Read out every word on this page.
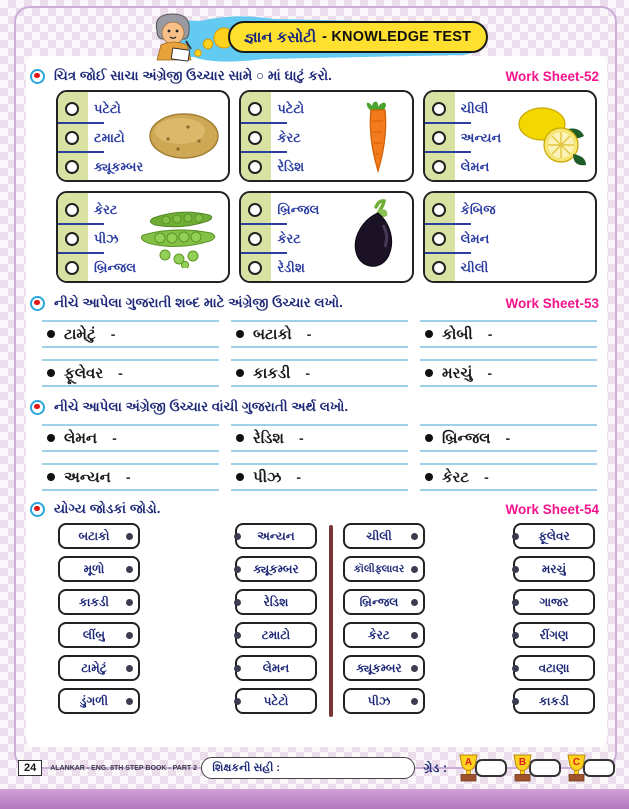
જ્ઞાન કસોટી - KNOWLEDGE TEST
ચિત્ર જોઈ સાચા અંગ્રેજી ઉચ્ચાર સામે ○ માં ઘાટું કરો.	Work Sheet-52
પટેટો
ટમાટો
ક્યૂકમ્બર
પટેટો
કેરટ
રેડિશ
ચીલી
અન્યન
લેમન
કેરટ
પીઝ
બ્રિન્જલ
બ્રિન્જલ
કેરટ
રેડીશ
કેબિજ
લેમન
ચીલી
નીચે આપેલા ગુજરાતી શબ્દ માટે અંગ્રેજી ઉચ્ચાર લખો.	Work Sheet-53
ટામેટું -	બટાકો -	કોબી -
ફૂલેવર -	કાકડી -	મરચું -
નીચે આપેલા અંગ્રેજી ઉચ્ચાર વાંચી ગુજરાતી અર્થ લખો.
લેમન -	રેડિશ -	બ્રિન્જલ -
અન્યન -	પીઝ -	કેરટ -
યોગ્ય જોડકાં જોડો.	Work Sheet-54
બટાકો
મૂળો
કાકડી
લીંબુ
ટામેટું
ડુંગળી
અન્યન
ક્યૂકમ્બર
રેડિશ
ટમાટો
લેમન
પટેટો
ચીલી
કૉલીફ્લાવર
બ્રિન્જલ
કેરટ
ક્યૂકમ્બર
પીઝ
ફૂલેવર
મરચું
ગાજર
રીંગણ
વટાણા
કાકડી
24	ALANKAR - ENG. 8TH STEP BOOK - PART 2	શિક્ષકની સહી :	ગ્રેડ : A	B	C
